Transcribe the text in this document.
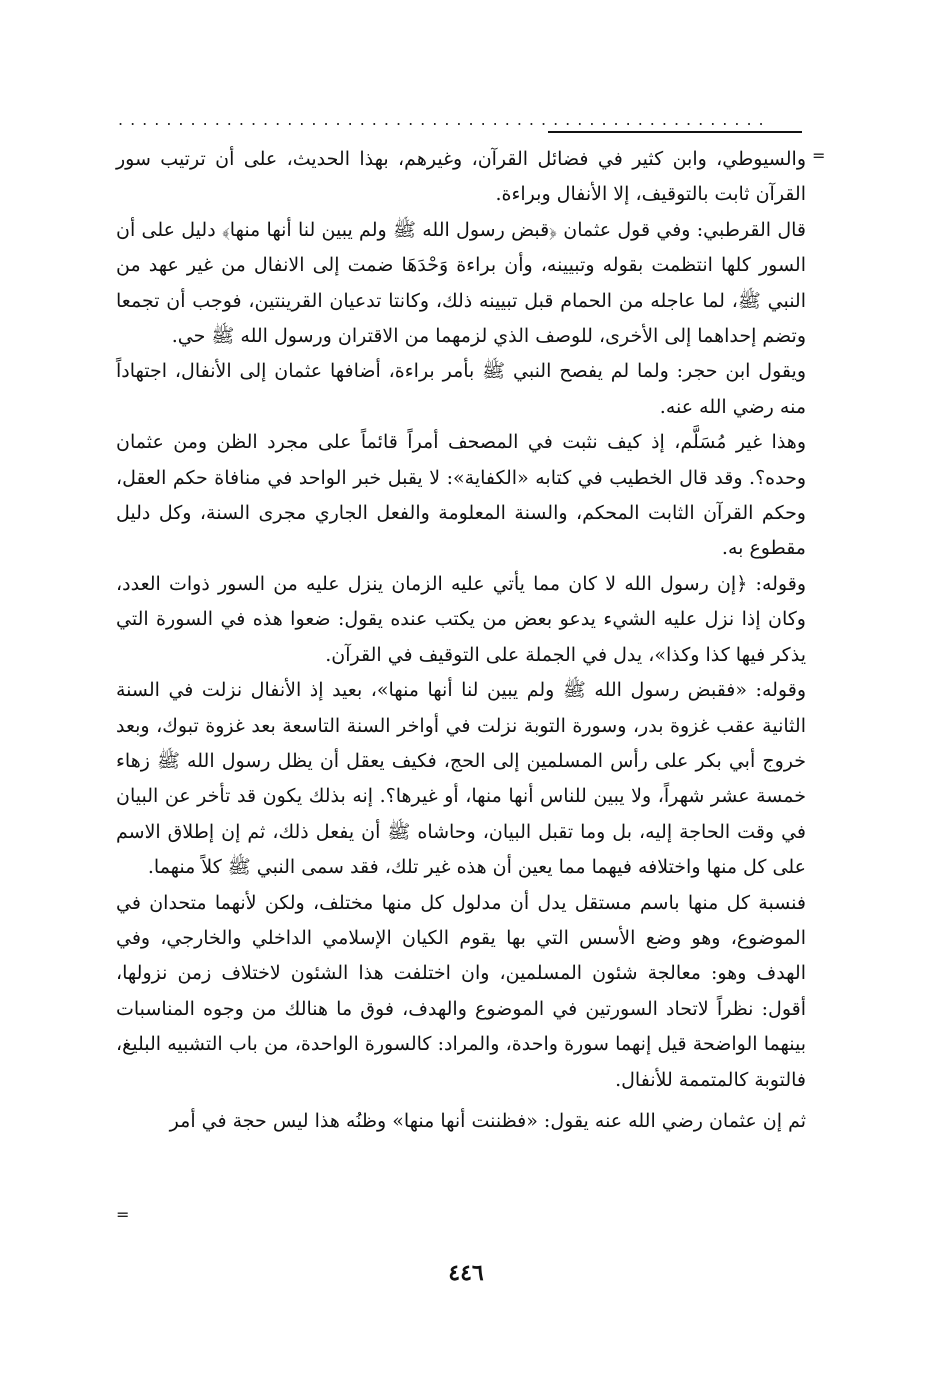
......................................................
=

والسيوطي، وابن كثير في فضائل القرآن، وغيرهم، بهذا الحديث، على أن ترتيب سور القرآن ثابت بالتوقيف، إلا الأنفال وبراءة.

قال القرطبي: وفي قول عثمان ﴿قبض رسول الله ﷺ ولم يبين لنا أنها منها﴾ دليل على أن السور كلها انتظمت بقوله وتبيينه، وأن براءة وَحْدَهَا ضمت إلى الانفال من غير عهد من النبي ﷺ، لما عاجله من الحمام قبل تبيينه ذلك، وكانتا تدعيان القرينتين، فوجب أن تجمعا وتضم إحداهما إلى الأخرى، للوصف الذي لزمهما من الاقتران ورسول الله ﷺ حي.

ويقول ابن حجر: ولما لم يفصح النبي ﷺ بأمر براءة، أضافها عثمان إلى الأنفال، اجتهاداً منه رضي الله عنه.

وهذا غير مُسَلَّم، إذ كيف نثبت في المصحف أمراً قائماً على مجرد الظن ومن عثمان وحده؟. وقد قال الخطيب في كتابه «الكفاية»: لا يقبل خبر الواحد في منافاة حكم العقل، وحكم القرآن الثابت المحكم، والسنة المعلومة والفعل الجاري مجرى السنة، وكل دليل مقطوع به.

وقوله: ﴿إن رسول الله لا كان مما يأتي عليه الزمان ينزل عليه من السور ذوات العدد، وكان إذا نزل عليه الشيء يدعو بعض من يكتب عنده يقول: ضعوا هذه في السورة التي يذكر فيها كذا وكذا»، يدل في الجملة على التوقيف في القرآن.

وقوله: «فقبض رسول الله ﷺ ولم يبين لنا أنها منها»، بعيد إذ الأنفال نزلت في السنة الثانية عقب غزوة بدر، وسورة التوبة نزلت في أواخر السنة التاسعة بعد غزوة تبوك، وبعد خروج أبي بكر على رأس المسلمين إلى الحج، فكيف يعقل أن يظل رسول الله ﷺ زهاء خمسة عشر شهراً، ولا يبين للناس أنها منها، أو غيرها؟. إنه بذلك يكون قد تأخر عن البيان في وقت الحاجة إليه، بل وما تقبل البيان، وحاشاه ﷺ أن يفعل ذلك، ثم إن إطلاق الاسم على كل منها واختلافه فيهما مما يعين أن هذه غير تلك، فقد سمى النبي ﷺ كلاً منهما.

فنسبة كل منها باسم مستقل يدل أن مدلول كل منها مختلف، ولكن لأنهما متحدان في الموضوع، وهو وضع الأسس التي بها يقوم الكيان الإسلامي الداخلي والخارجي، وفي الهدف وهو: معالجة شئون المسلمين، وان اختلفت هذا الشئون لاختلاف زمن نزولها، أقول: نظراً لاتحاد السورتين في الموضوع والهدف، فوق ما هنالك من وجوه المناسبات بينهما الواضحة قيل إنهما سورة واحدة، والمراد: كالسورة الواحدة، من باب التشبيه البليغ، فالتوبة كالمتممة للأنفال.

ثم إن عثمان رضي الله عنه يقول: «فظننت أنها منها» وظنُه هذا ليس حجة في أمر

=
٤٤٦
